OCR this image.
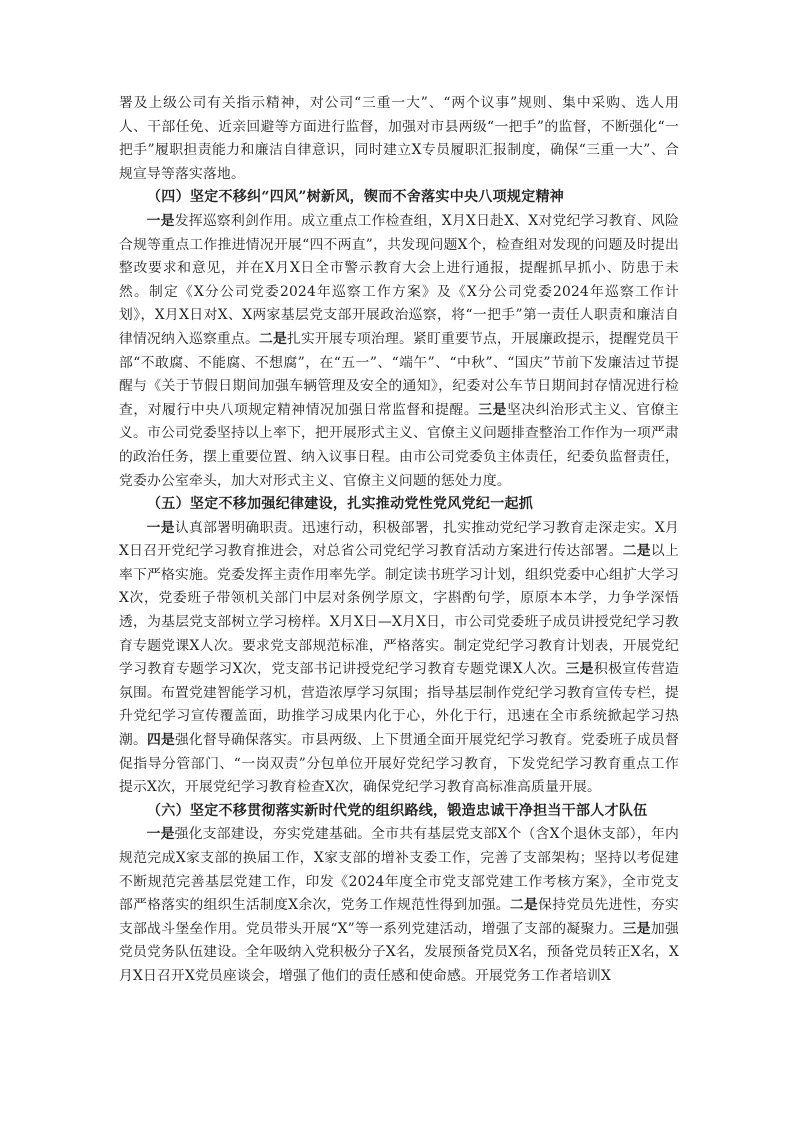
署及上级公司有关指示精神，对公司“三重一大”、“两个议事”规则、集中采购、选人用人、干部任免、近亲回避等方面进行监督，加强对市县两级“一把手”的监督，不断强化“一把手”履职担责能力和廉洁自律意识，同时建立X专员履职汇报制度，确保“三重一大”、合规宣导等落实落地。

（四）坚定不移纠“四风”树新风，锲而不舍落实中央八项规定精神

一是发挥巡察利剑作用。成立重点工作检查组，X月X日赴X、X对党纪学习教育、风险合规等重点工作推进情况开展“四不两直”，共发现问题X个，检查组对发现的问题及时提出整改要求和意见，并在X月X日全市警示教育大会上进行通报，提醒抓早抓小、防患于未然。制定《X分公司党委2024年巡察工作方案》及《X分公司党委2024年巡察工作计划》，X月X日对X、X两家基层党支部开展政治巡察，将“一把手”第一责任人职责和廉洁自律情况纳入巡察重点。二是扎实开展专项治理。紧盯重要节点，开展廉政提示，提醒党员干部“不敢腐、不能腐、不想腐”，在“五一”、“端午”、“中秋”、“国庆”节前下发廉洁过节提醒与《关于节假日期间加强车辆管理及安全的通知》，纪委对公车节日期间封存情况进行检查，对履行中央八项规定精神情况加强日常监督和提醒。三是坚决纠治形式主义、官僚主义。市公司党委坚持以上率下，把开展形式主义、官僚主义问题排查整治工作作为一项严肃的政治任务，摆上重要位置、纳入议事日程。由市公司党委负主体责任，纪委负监督责任，党委办公室牵头，加大对形式主义、官僚主义问题的惩处力度。

（五）坚定不移加强纪律建设，扎实推动党性党风党纪一起抓

一是认真部署明确职责。迅速行动，积极部署，扎实推动党纪学习教育走深走实。X月X日召开党纪学习教育推进会，对总省公司党纪学习教育活动方案进行传达部署。二是以上率下严格实施。党委发挥主责作用率先学。制定读书班学习计划，组织党委中心组扩大学习X次，党委班子带领机关部门中层对条例学原文，字斟酌句学，原原本本学，力争学深悟透，为基层党支部树立学习榜样。X月X日—X月X日，市公司党委班子成员讲授党纪学习教育专题党课X人次。要求党支部规范标准，严格落实。制定党纪学习教育计划表，开展党纪学习教育专题学习X次，党支部书记讲授党纪学习教育专题党课X人次。三是积极宣传营造氛围。布置党建智能学习机，营造浓厚学习氛围；指导基层制作党纪学习教育宣传专栏，提升党纪学习宣传覆盖面，助推学习成果内化于心，外化于行，迅速在全市系统掀起学习热潮。四是强化督导确保落实。市县两级、上下贯通全面开展党纪学习教育。党委班子成员督促指导分管部门、“一岗双责”分包单位开展好党纪学习教育，下发党纪学习教育重点工作提示X次，开展党纪学习教育检查X次，确保党纪学习教育高标准高质量开展。

（六）坚定不移贯彻落实新时代党的组织路线，锻造忠诚干净担当干部人才队伍

一是强化支部建设，夯实党建基础。全市共有基层党支部X个（含X个退休支部），年内规范完成X家支部的换届工作，X家支部的增补支委工作，完善了支部架构；坚持以考促建不断规范完善基层党建工作，印发《2024年度全市党支部党建工作考核方案》，全市党支部严格落实的组织生活制度X余次，党务工作规范性得到加强。二是保持党员先进性，夯实支部战斗堡垒作用。党员带头开展“X”等一系列党建活动，增强了支部的凝聚力。三是加强党员党务队伍建设。全年吸纳入党积极分子X名，发展预备党员X名，预备党员转正X名，X月X日召开X党员座谈会，增强了他们的责任感和使命感。开展党务工作者培训X
